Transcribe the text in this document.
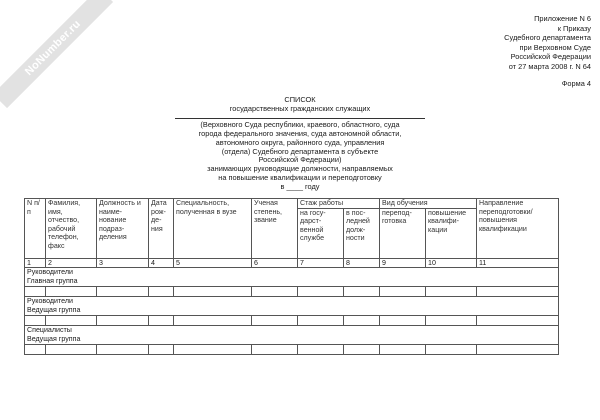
NoNumber.ru	Приложение N 6
к Приказу
Судебного департамента
при Верховном Суде
Российской Федерации
от 27 марта 2008 г. N 64
Форма 4
СПИСОК
государственных гражданских служащих
(Верховного Суда республики, краевого, областного, суда
города федерального значения, суда автономной области,
автономного округа, районного суда, управления
(отдела) Судебного департамента в субъекте
Российской Федерации)
занимающих руководящие должности, направляемых
на повышение квалификации и переподготовку
в ____ году
N п/п	Фамилия, имя, отчество, рабочий телефон, факс	Должность и наиме-нование подраз-деления	Дата рож-де-ния	Специальность, полученная в вузе	Ученая степень, звание	Стаж работы		Вид обучения		Направление переподготовки/ повышения квалификации
						на госу-дарст-венной службе	в пос-ледней долж-ности	перепод-готовка	повышение квалифи-кации	
1	2	3	4	5	6	7	8	9	10	11

Руководители
Главная группа										

Руководители
Ведущая группа										

Специалисты
Ведущая группа										
